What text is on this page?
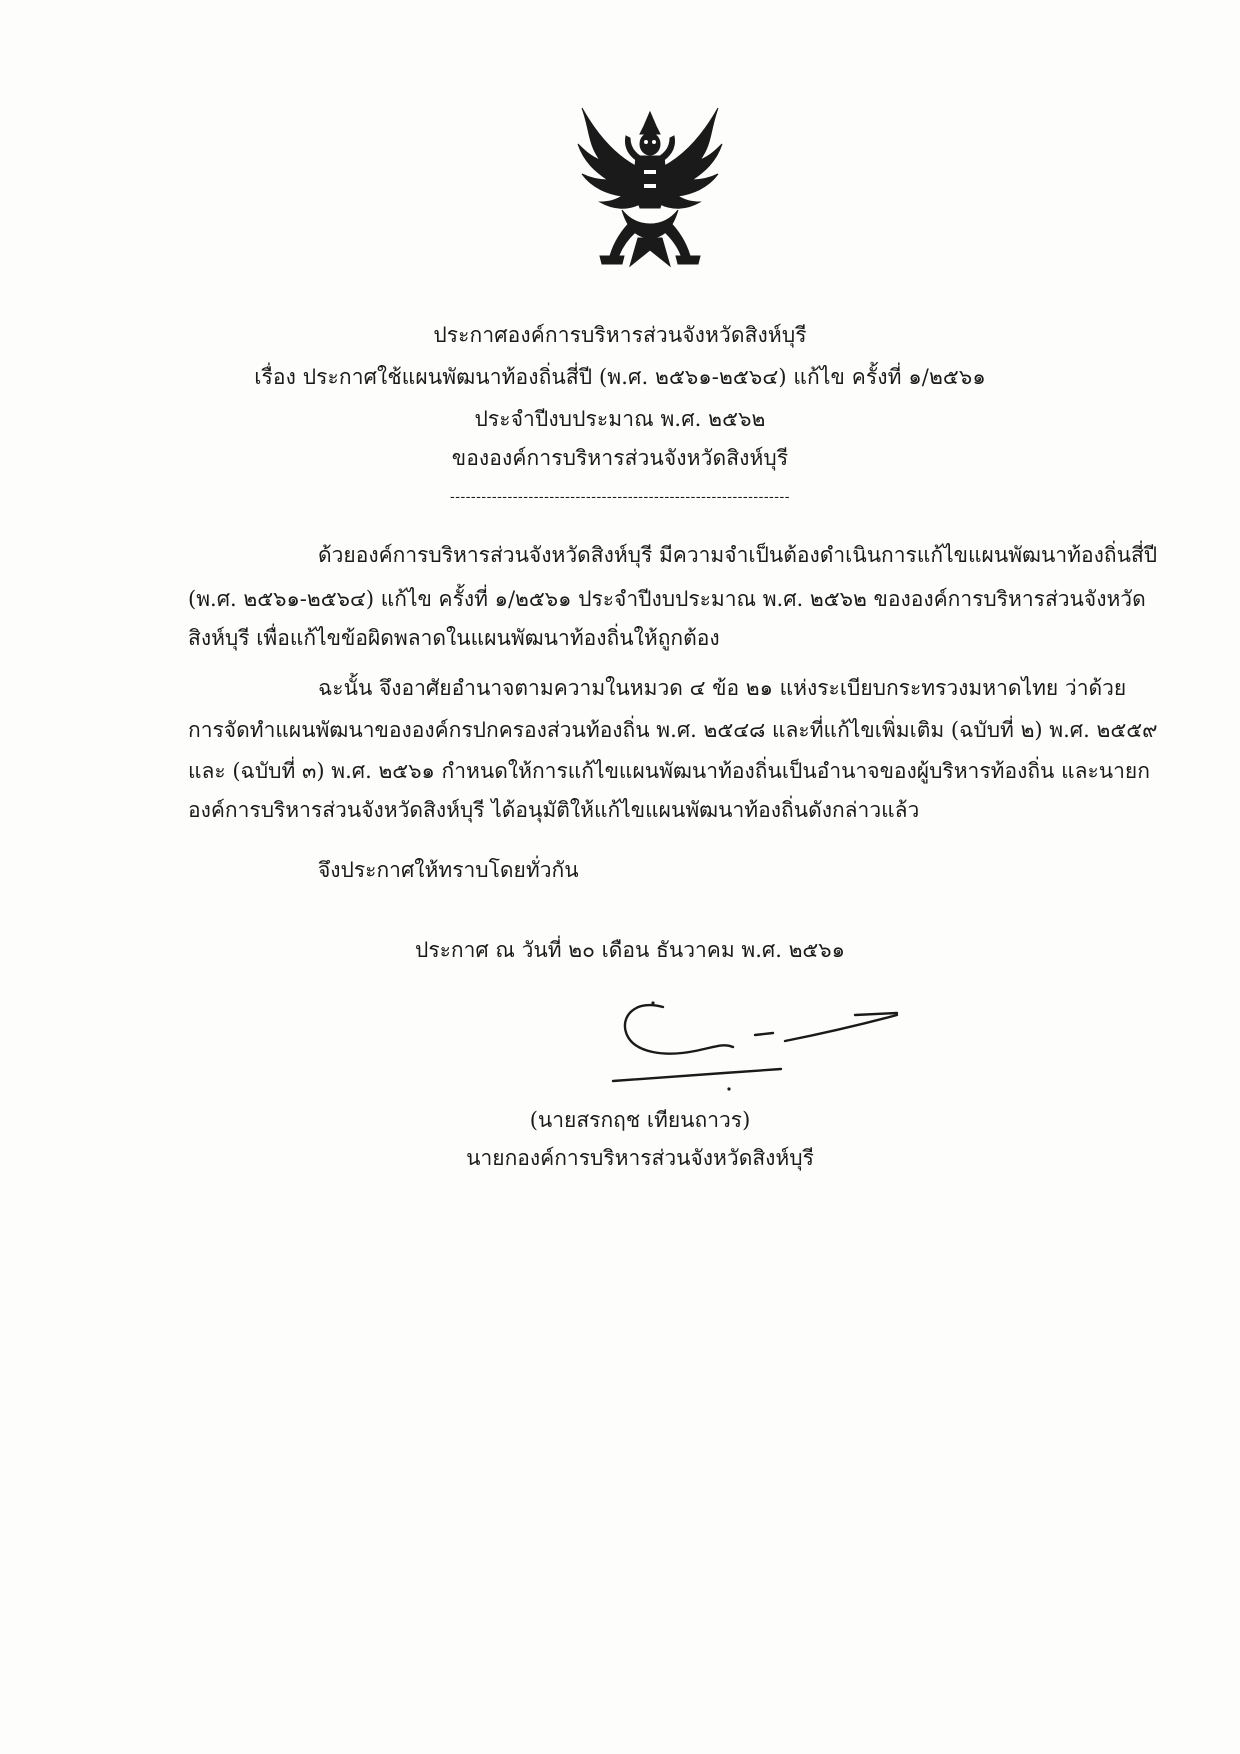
ประกาศองค์การบริหารส่วนจังหวัดสิงห์บุรี
เรื่อง ประกาศใช้แผนพัฒนาท้องถิ่นสี่ปี (พ.ศ. ๒๕๖๑-๒๕๖๔) แก้ไข ครั้งที่ ๑/๒๕๖๑
ประจำปีงบประมาณ พ.ศ. ๒๕๖๒
ขององค์การบริหารส่วนจังหวัดสิงห์บุรี
-----------------------------------------------------------------
ด้วยองค์การบริหารส่วนจังหวัดสิงห์บุรี มีความจำเป็นต้องดำเนินการแก้ไขแผนพัฒนาท้องถิ่นสี่ปี
(พ.ศ. ๒๕๖๑-๒๕๖๔) แก้ไข ครั้งที่ ๑/๒๕๖๑ ประจำปีงบประมาณ พ.ศ. ๒๕๖๒ ขององค์การบริหารส่วนจังหวัด
สิงห์บุรี เพื่อแก้ไขข้อผิดพลาดในแผนพัฒนาท้องถิ่นให้ถูกต้อง
ฉะนั้น จึงอาศัยอำนาจตามความในหมวด ๔ ข้อ ๒๑ แห่งระเบียบกระทรวงมหาดไทย ว่าด้วย
การจัดทำแผนพัฒนาขององค์กรปกครองส่วนท้องถิ่น พ.ศ. ๒๕๔๘ และที่แก้ไขเพิ่มเติม (ฉบับที่ ๒) พ.ศ. ๒๕๕๙
และ (ฉบับที่ ๓) พ.ศ. ๒๕๖๑ กำหนดให้การแก้ไขแผนพัฒนาท้องถิ่นเป็นอำนาจของผู้บริหารท้องถิ่น และนายก
องค์การบริหารส่วนจังหวัดสิงห์บุรี ได้อนุมัติให้แก้ไขแผนพัฒนาท้องถิ่นดังกล่าวแล้ว
จึงประกาศให้ทราบโดยทั่วกัน
ประกาศ ณ วันที่ ๒๐ เดือน ธันวาคม พ.ศ. ๒๕๖๑
(นายสรกฤช เทียนถาวร)
นายกองค์การบริหารส่วนจังหวัดสิงห์บุรี
